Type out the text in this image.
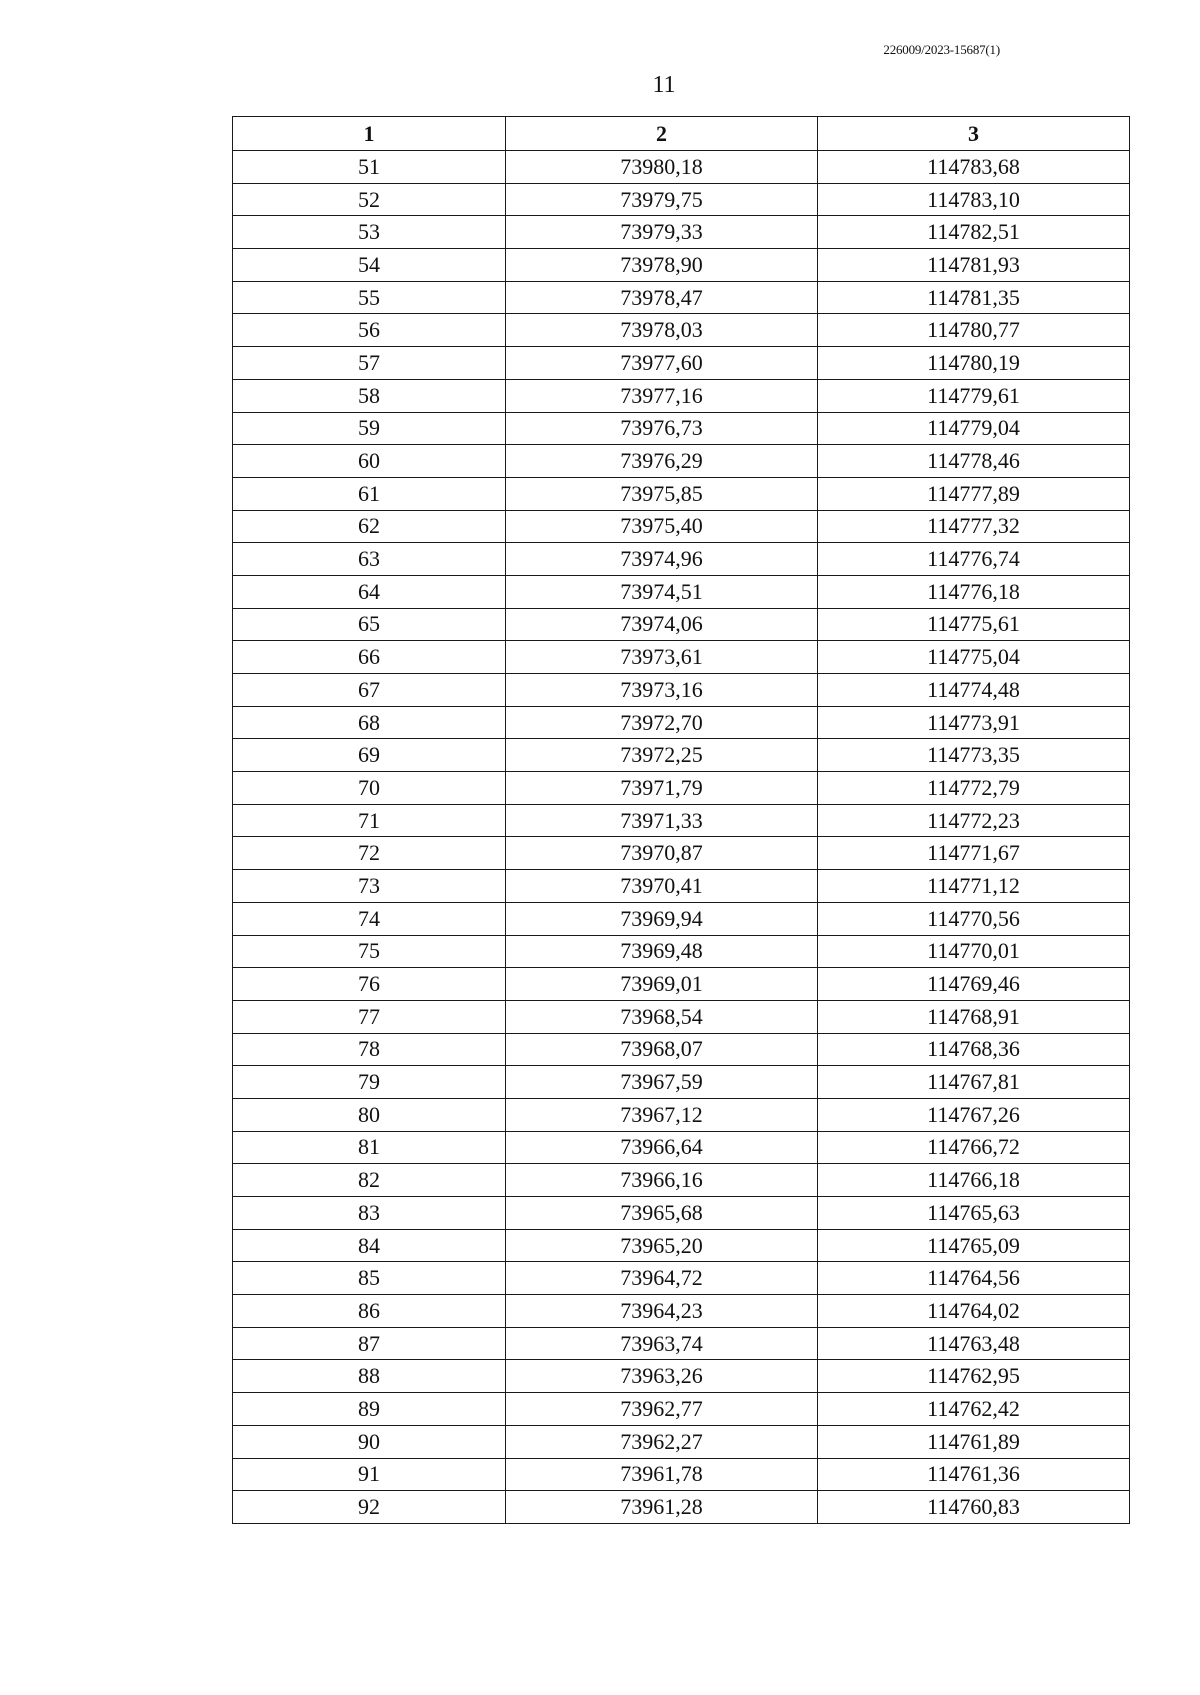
226009/2023-15687(1)
11
1	2	3
51	73980,18	114783,68
52	73979,75	114783,10
53	73979,33	114782,51
54	73978,90	114781,93
55	73978,47	114781,35
56	73978,03	114780,77
57	73977,60	114780,19
58	73977,16	114779,61
59	73976,73	114779,04
60	73976,29	114778,46
61	73975,85	114777,89
62	73975,40	114777,32
63	73974,96	114776,74
64	73974,51	114776,18
65	73974,06	114775,61
66	73973,61	114775,04
67	73973,16	114774,48
68	73972,70	114773,91
69	73972,25	114773,35
70	73971,79	114772,79
71	73971,33	114772,23
72	73970,87	114771,67
73	73970,41	114771,12
74	73969,94	114770,56
75	73969,48	114770,01
76	73969,01	114769,46
77	73968,54	114768,91
78	73968,07	114768,36
79	73967,59	114767,81
80	73967,12	114767,26
81	73966,64	114766,72
82	73966,16	114766,18
83	73965,68	114765,63
84	73965,20	114765,09
85	73964,72	114764,56
86	73964,23	114764,02
87	73963,74	114763,48
88	73963,26	114762,95
89	73962,77	114762,42
90	73962,27	114761,89
91	73961,78	114761,36
92	73961,28	114760,83
